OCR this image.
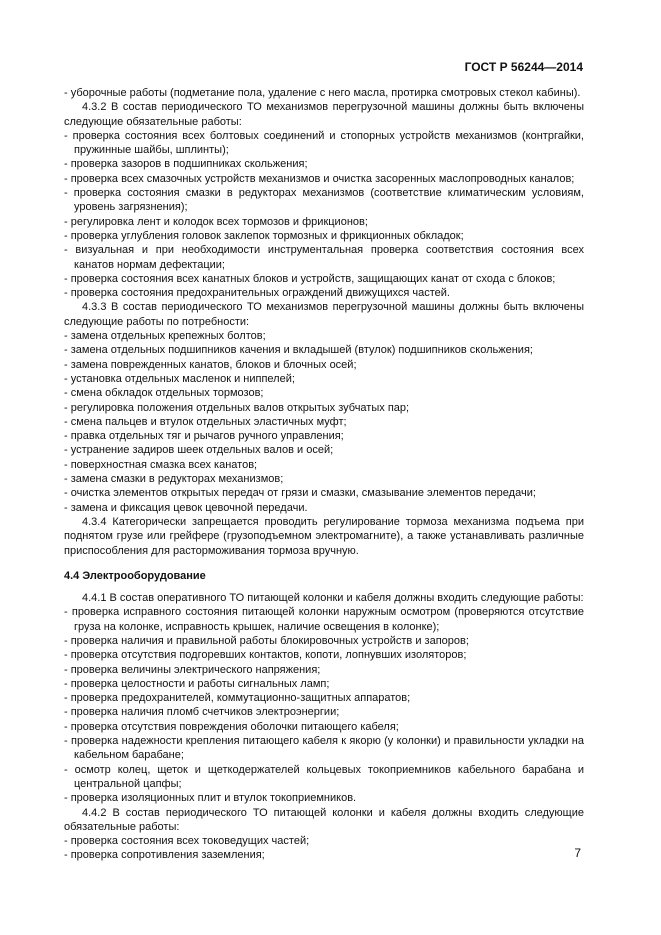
ГОСТ Р 56244—2014

- уборочные работы (подметание пола, удаление с него масла, протирка смотровых стекол кабины).

4.3.2 В состав периодического ТО механизмов перегрузочной машины должны быть включены следующие обязательные работы:

- проверка состояния всех болтовых соединений и стопорных устройств механизмов (контргайки, пружинные шайбы, шплинты);

- проверка зазоров в подшипниках скольжения;

- проверка всех смазочных устройств механизмов и очистка засоренных маслопроводных каналов;

- проверка состояния смазки в редукторах механизмов (соответствие климатическим условиям, уровень загрязнения);

- регулировка лент и колодок всех тормозов и фрикционов;

- проверка углубления головок заклепок тормозных и фрикционных обкладок;

- визуальная и при необходимости инструментальная проверка соответствия состояния всех канатов нормам дефектации;

- проверка состояния всех канатных блоков и устройств, защищающих канат от схода с блоков;

- проверка состояния предохранительных ограждений движущихся частей.

4.3.3 В состав периодического ТО механизмов перегрузочной машины должны быть включены следующие работы по потребности:

- замена отдельных крепежных болтов;

- замена отдельных подшипников качения и вкладышей (втулок) подшипников скольжения;

- замена поврежденных канатов, блоков и блочных осей;

- установка отдельных масленок и ниппелей;

- смена обкладок отдельных тормозов;

- регулировка положения отдельных валов открытых зубчатых пар;

- смена пальцев и втулок отдельных эластичных муфт;

- правка отдельных тяг и рычагов ручного управления;

- устранение задиров шеек отдельных валов и осей;

- поверхностная смазка всех канатов;

- замена смазки в редукторах механизмов;

- очистка элементов открытых передач от грязи и смазки, смазывание элементов передачи;

- замена и фиксация цевок цевочной передачи.

4.3.4 Категорически запрещается проводить регулирование тормоза механизма подъема при поднятом грузе или грейфере (грузоподъемном электромагните), а также устанавливать различные приспособления для расторможивания тормоза вручную.

4.4 Электрооборудование

4.4.1 В состав оперативного ТО питающей колонки и кабеля должны входить следующие работы:

- проверка исправного состояния питающей колонки наружным осмотром (проверяются отсутствие груза на колонке, исправность крышек, наличие освещения в колонке);

- проверка наличия и правильной работы блокировочных устройств и запоров;

- проверка отсутствия подгоревших контактов, копоти, лопнувших изоляторов;

- проверка величины электрического напряжения;

- проверка целостности и работы сигнальных ламп;

- проверка предохранителей, коммутационно-защитных аппаратов;

- проверка наличия пломб счетчиков электроэнергии;

- проверка отсутствия повреждения оболочки питающего кабеля;

- проверка надежности крепления питающего кабеля к якорю (у колонки) и правильности укладки на кабельном барабане;

- осмотр колец, щеток и щеткодержателей кольцевых токоприемников кабельного барабана и центральной цапфы;

- проверка изоляционных плит и втулок токоприемников.

4.4.2 В состав периодического ТО питающей колонки и кабеля должны входить следующие обязательные работы:

- проверка состояния всех токоведущих частей;

- проверка сопротивления заземления;	7
